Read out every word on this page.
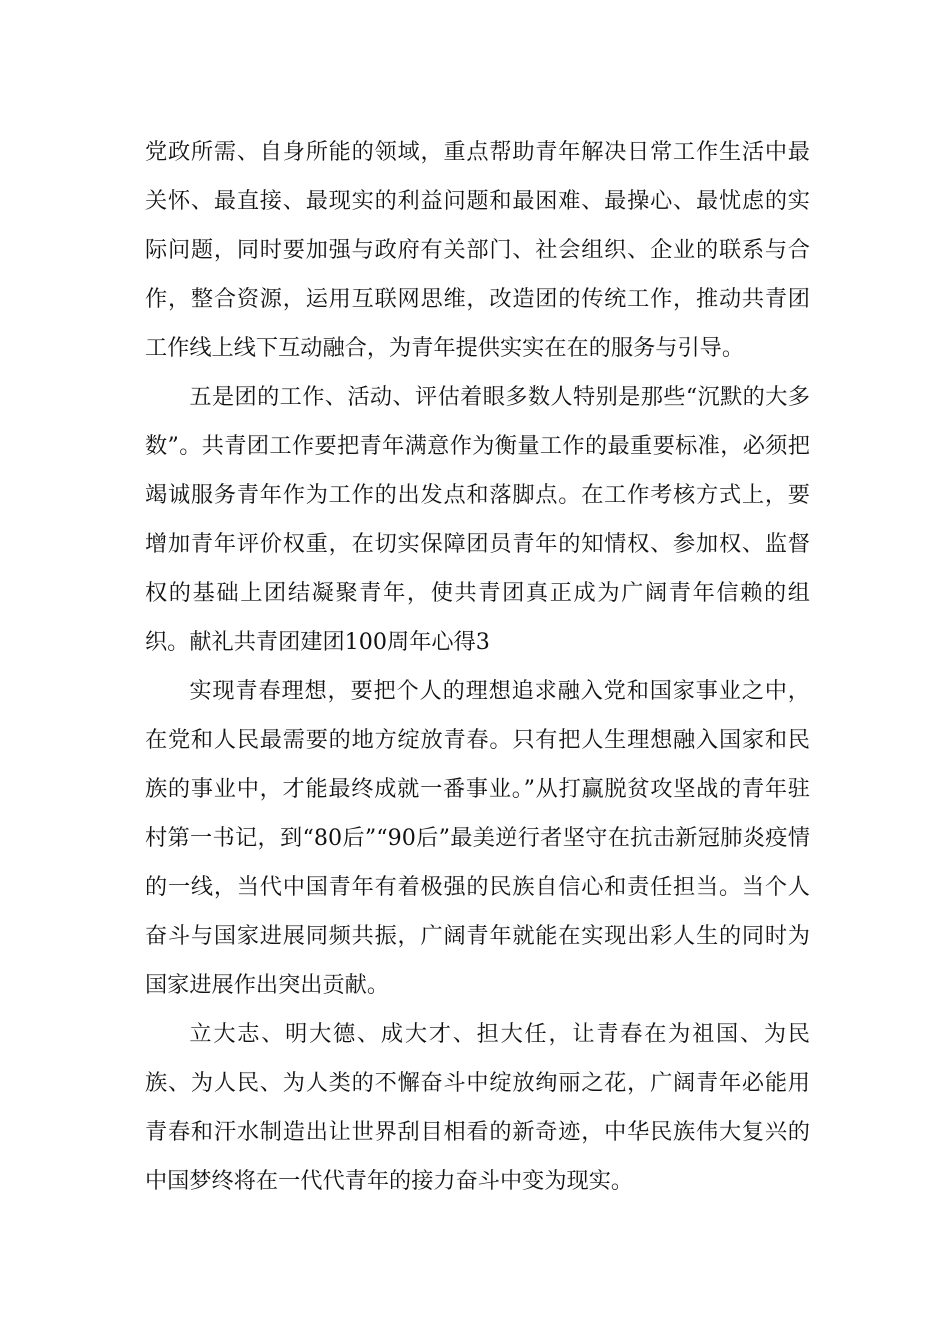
党政所需、自身所能的领域，重点帮助青年解决日常工作生活中最关怀、最直接、最现实的利益问题和最困难、最操心、最忧虑的实际问题，同时要加强与政府有关部门、社会组织、企业的联系与合作，整合资源，运用互联网思维，改造团的传统工作，推动共青团工作线上线下互动融合，为青年提供实实在在的服务与引导。

五是团的工作、活动、评估着眼多数人特别是那些“沉默的大多数”。共青团工作要把青年满意作为衡量工作的最重要标准，必须把竭诚服务青年作为工作的出发点和落脚点。在工作考核方式上，要增加青年评价权重，在切实保障团员青年的知情权、参加权、监督权的基础上团结凝聚青年，使共青团真正成为广阔青年信赖的组织。献礼共青团建团100周年心得3

实现青春理想，要把个人的理想追求融入党和国家事业之中，在党和人民最需要的地方绽放青春。只有把人生理想融入国家和民族的事业中，才能最终成就一番事业。”从打赢脱贫攻坚战的青年驻村第一书记，到“80后”“90后”最美逆行者坚守在抗击新冠肺炎疫情的一线，当代中国青年有着极强的民族自信心和责任担当。当个人奋斗与国家进展同频共振，广阔青年就能在实现出彩人生的同时为国家进展作出突出贡献。

立大志、明大德、成大才、担大任，让青春在为祖国、为民族、为人民、为人类的不懈奋斗中绽放绚丽之花，广阔青年必能用青春和汗水制造出让世界刮目相看的新奇迹，中华民族伟大复兴的中国梦终将在一代代青年的接力奋斗中变为现实。
